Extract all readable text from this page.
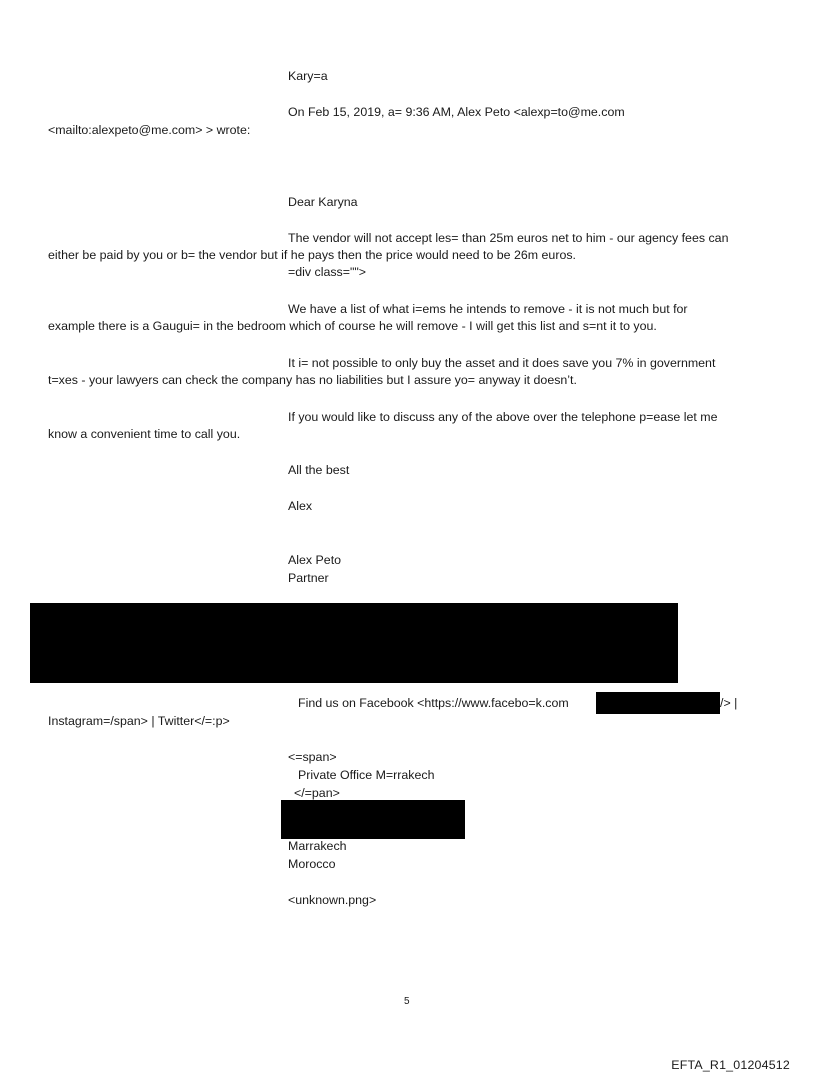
Kary=a
On Feb 15, 2019, a= 9:36 AM, Alex Peto <alexp=to@me.com
<mailto:alexpeto@me.com> > wrote:
Dear Karyna
The vendor will not accept les= than 25m euros net to him - our agency fees can
either be paid by you or b= the vendor but if he pays then the price would need to be 26m euros.
=div class="">
We have a list of what i=ems he intends to remove - it is not much but for
example there is a Gaugui= in the bedroom which of course he will remove - I will get this list and s=nt it to you.
It i= not possible to only buy the asset and it does save you 7% in government
t=xes - your lawyers can check the company has no liabilities but I assure yo= anyway it doesn’t.
If you would like to discuss any of the above over the telephone p=ease let me
know a convenient time to call you.
All the best
Alex
Alex Peto
Partner
Find us on Facebook <https://www.facebo=k.com	/> |
Instagram=/span> | Twitter</=:p>
<=span>
Private Office M=rrakech
</=pan>
Marrakech
Morocco
<unknown.png>
5
EFTA_R1_01204512
